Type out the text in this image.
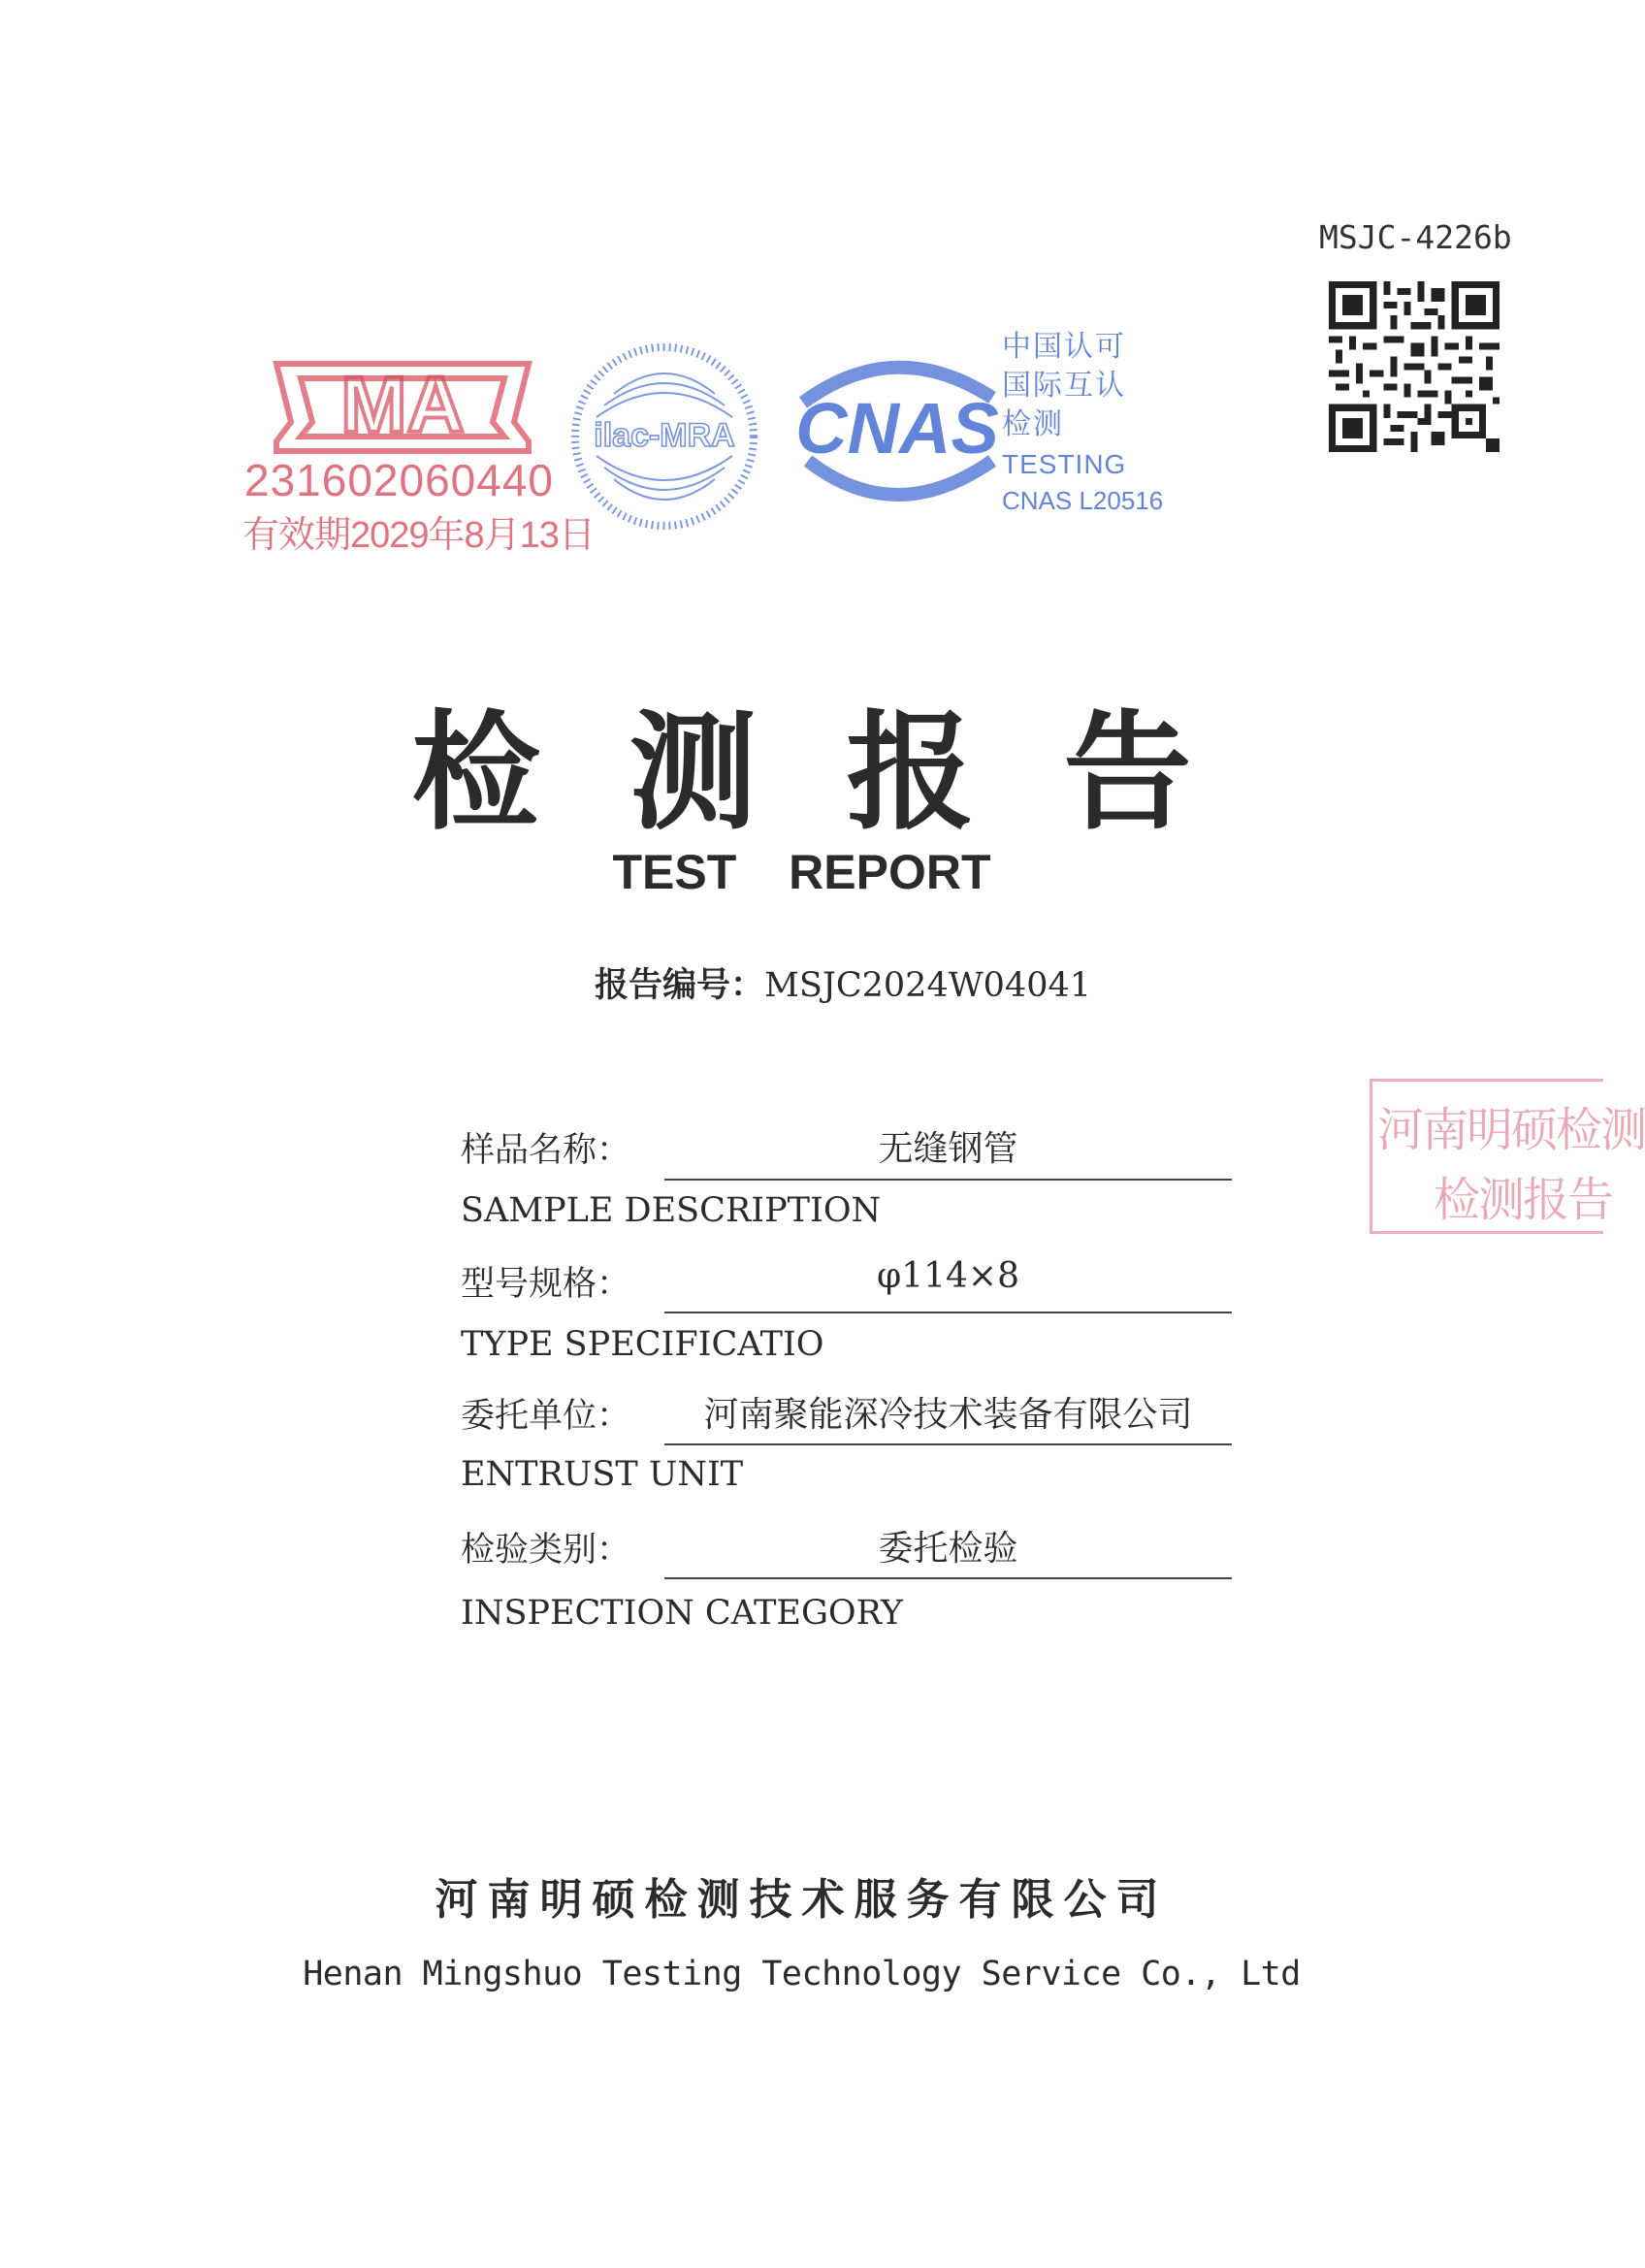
MSJC-4226b
MA
231602060440
有效期2029年8月13日
ilac-MRA CNAS
中国认可
国际互认
检测
TESTING
CNAS L20516
检测报告
TEST REPORT
报告编号：MSJC2024W04041
样品名称：	无缝钢管
SAMPLE DESCRIPTION
型号规格：	φ114×8
TYPE SPECIFICATIO
委托单位：	河南聚能深冷技术装备有限公司
ENTRUST UNIT
检验类别：	委托检验
INSPECTION CATEGORY
河南明硕检测
检测报告
河南明硕检测技术服务有限公司
Henan Mingshuo Testing Technology Service Co., Ltd
